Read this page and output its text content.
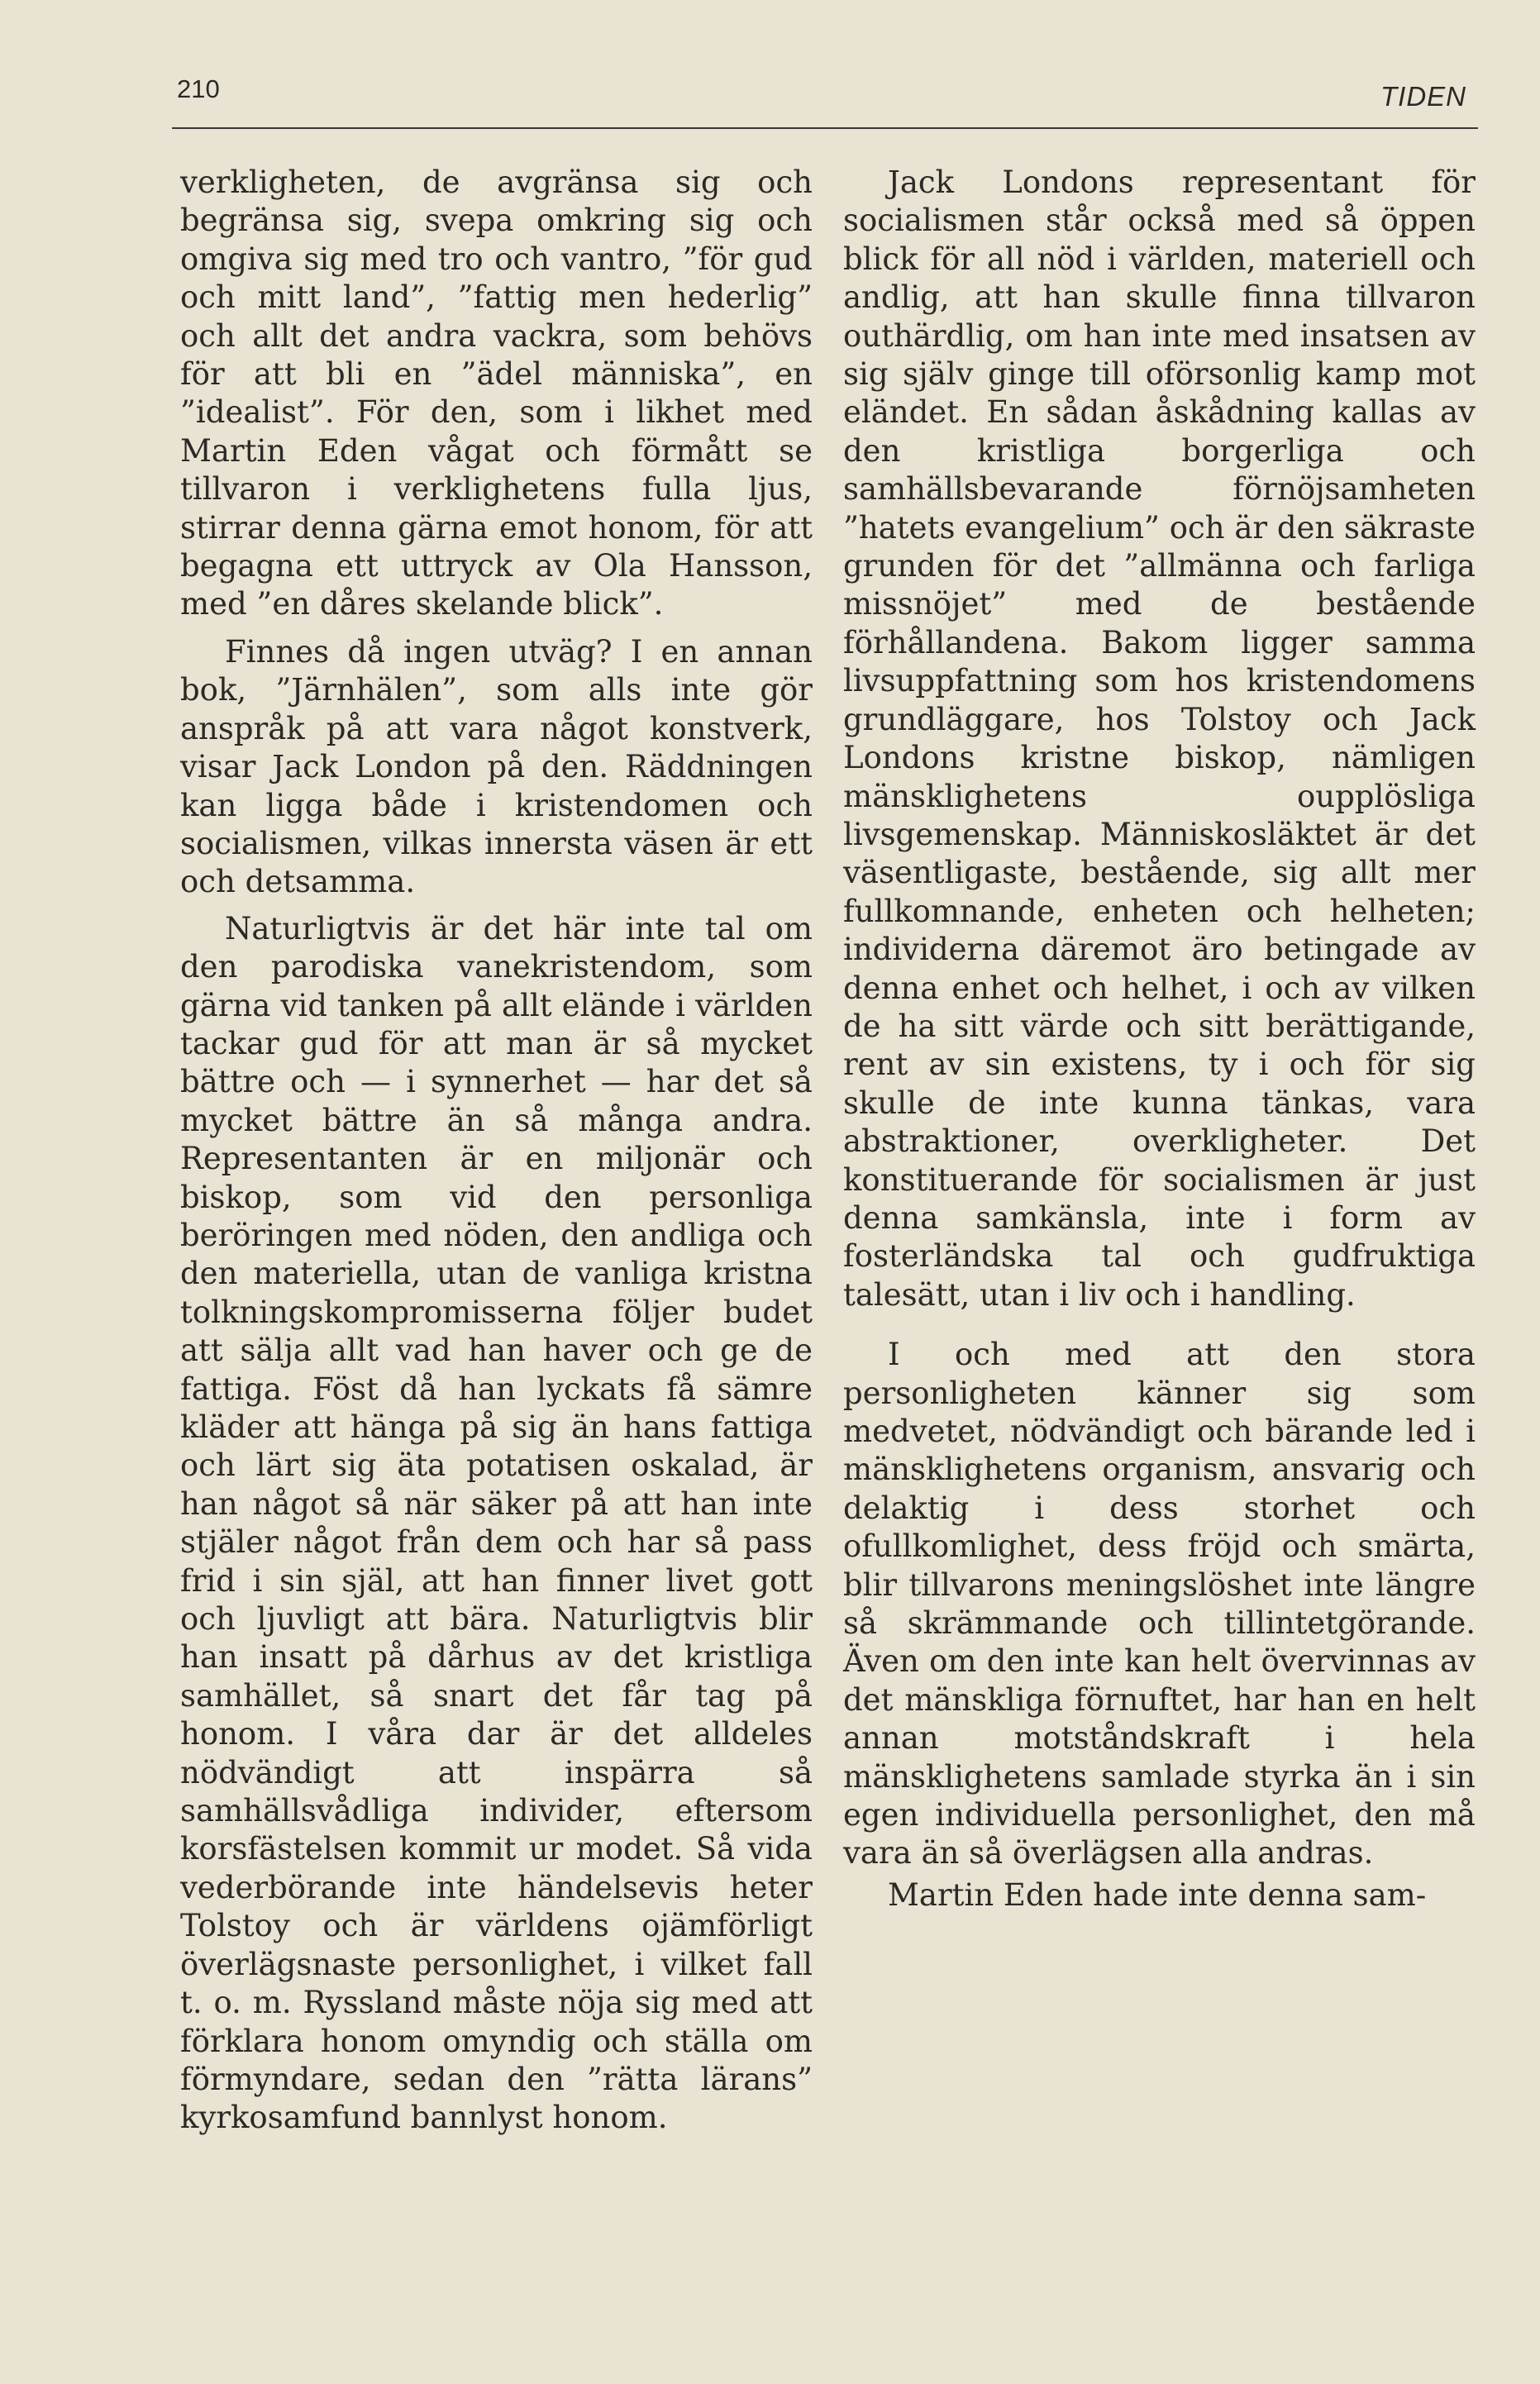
210	TIDEN

verkligheten, de avgränsa sig och begränsa sig, svepa omkring sig och omgiva sig med tro och vantro, ”för gud och mitt land”, ”fattig men hederlig” och allt det andra vackra, som behövs för att bli en ”ädel människa”, en ”idealist”. För den, som i likhet med Martin Eden vågat och förmått se tillvaron i verklighetens fulla ljus, stirrar denna gärna emot honom, för att begagna ett uttryck av Ola Hansson, med ”en dåres skelande blick”.

Finnes då ingen utväg? I en annan bok, ”Järnhälen”, som alls inte gör anspråk på att vara något konstverk, visar Jack London på den. Räddningen kan ligga både i kristendomen och socialismen, vilkas innersta väsen är ett och detsamma.

Naturligtvis är det här inte tal om den parodiska vanekristendom, som gärna vid tanken på allt elände i världen tackar gud för att man är så mycket bättre och — i synnerhet — har det så mycket bättre än så många andra. Representanten är en miljonär och biskop, som vid den personliga beröringen med nöden, den andliga och den materiella, utan de vanliga kristna tolkningskompromisserna följer budet att sälja allt vad han haver och ge de fattiga. Föst då han lyckats få sämre kläder att hänga på sig än hans fattiga och lärt sig äta potatisen oskalad, är han något så när säker på att han inte stjäler något från dem och har så pass frid i sin själ, att han finner livet gott och ljuvligt att bära. Naturligtvis blir han insatt på dårhus av det kristliga samhället, så snart det får tag på honom. I våra dar är det alldeles nödvändigt att inspärra så samhällsvådliga individer, eftersom korsfästelsen kommit ur modet. Så vida vederbörande inte händelsevis heter Tolstoy och är världens ojämförligt överlägsnaste personlighet, i vilket fall t. o. m. Ryssland måste nöja sig med att förklara honom omyndig och ställa om förmyndare, sedan den ”rätta lärans” kyrkosamfund bannlyst honom.

Jack Londons representant för socialismen står också med så öppen blick för all nöd i världen, materiell och andlig, att han skulle finna tillvaron outhärdlig, om han inte med insatsen av sig själv ginge till oförsonlig kamp mot eländet. En sådan åskådning kallas av den kristliga borgerliga och samhällsbevarande förnöjsamheten ”hatets evangelium” och är den säkraste grunden för det ”allmänna och farliga missnöjet” med de bestående förhållandena. Bakom ligger samma livsuppfattning som hos kristendomens grundläggare, hos Tolstoy och Jack Londons kristne biskop, nämligen mänsklighetens oupplösliga livsgemenskap. Människosläktet är det väsentligaste, bestående, sig allt mer fullkomnande, enheten och helheten; individerna däremot äro betingade av denna enhet och helhet, i och av vilken de ha sitt värde och sitt berättigande, rent av sin existens, ty i och för sig skulle de inte kunna tänkas, vara abstraktioner, overkligheter. Det konstituerande för socialismen är just denna samkänsla, inte i form av fosterländska tal och gudfruktiga talesätt, utan i liv och i handling.

I och med att den stora personligheten känner sig som medvetet, nödvändigt och bärande led i mänsklighetens organism, ansvarig och delaktig i dess storhet och ofullkomlighet, dess fröjd och smärta, blir tillvarons meningslöshet inte längre så skrämmande och tillintetgörande. Även om den inte kan helt övervinnas av det mänskliga förnuftet, har han en helt annan motståndskraft i hela mänsklighetens samlade styrka än i sin egen individuella personlighet, den må vara än så överlägsen alla andras.

Martin Eden hade inte denna sam-
